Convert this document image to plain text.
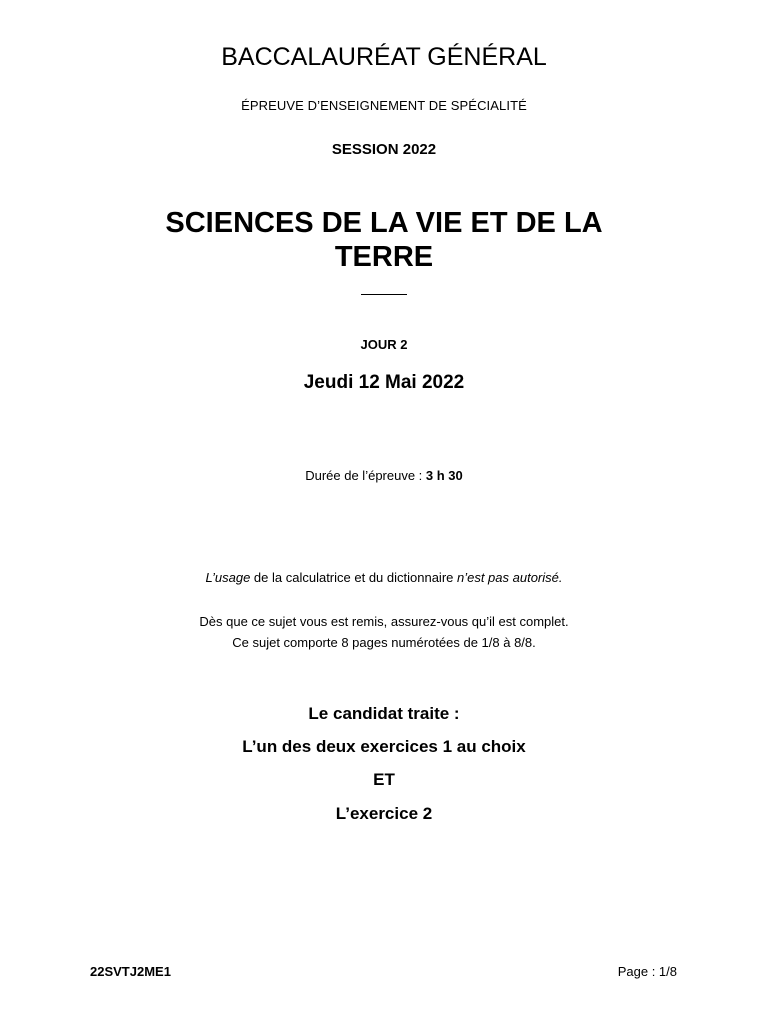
BACCALAURÉAT GÉNÉRAL
ÉPREUVE D’ENSEIGNEMENT DE SPÉCIALITÉ
SESSION 2022
SCIENCES DE LA VIE ET DE LA TERRE
JOUR 2
Jeudi 12 Mai 2022
Durée de l’épreuve : 3 h 30
L’usage de la calculatrice et du dictionnaire n’est pas autorisé.
Dès que ce sujet vous est remis, assurez-vous qu’il est complet.
Ce sujet comporte 8 pages numérotées de 1/8 à 8/8.
Le candidat traite :
L’un des deux exercices 1 au choix
ET
L’exercice 2
22SVTJ2ME1	Page : 1/8
